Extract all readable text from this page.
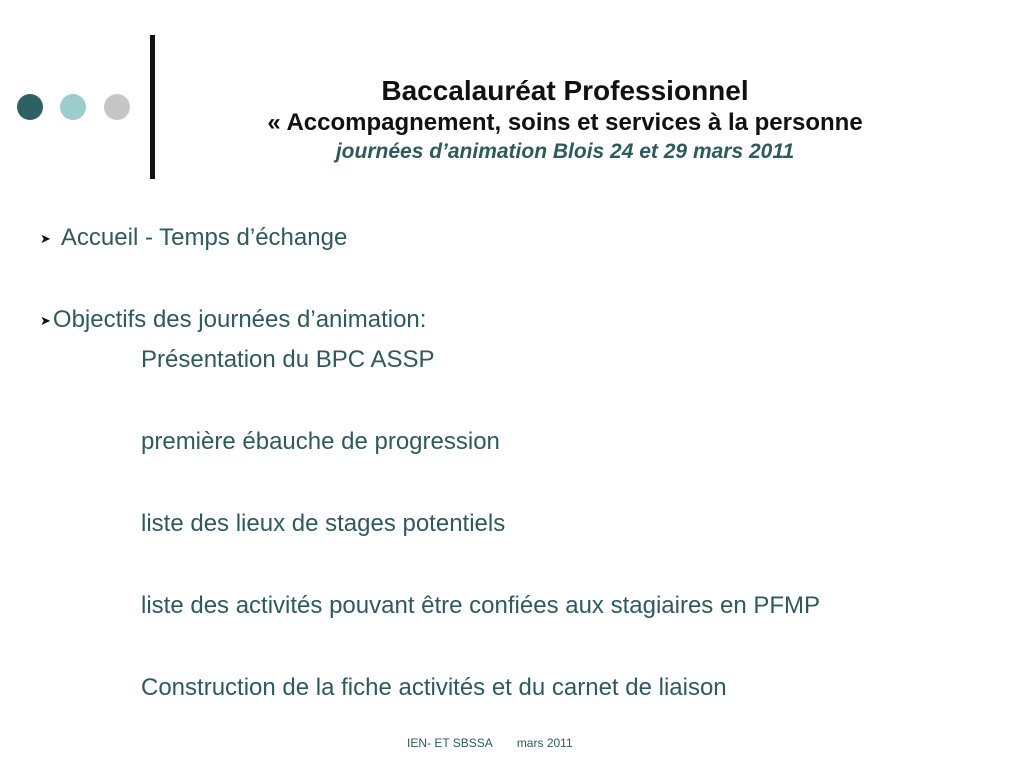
Baccalauréat Professionnel
« Accompagnement, soins et services à la personne
journées d’animation Blois 24 et 29 mars 2011
➤ Accueil - Temps d’échange
➤Objectifs des journées d’animation:
Présentation du BPC ASSP
première ébauche de progression
liste des lieux de stages potentiels
liste des activités pouvant être confiées aux stagiaires en PFMP
Construction de la fiche activités et du carnet de liaison
IEN- ET SBSSA mars 2011
